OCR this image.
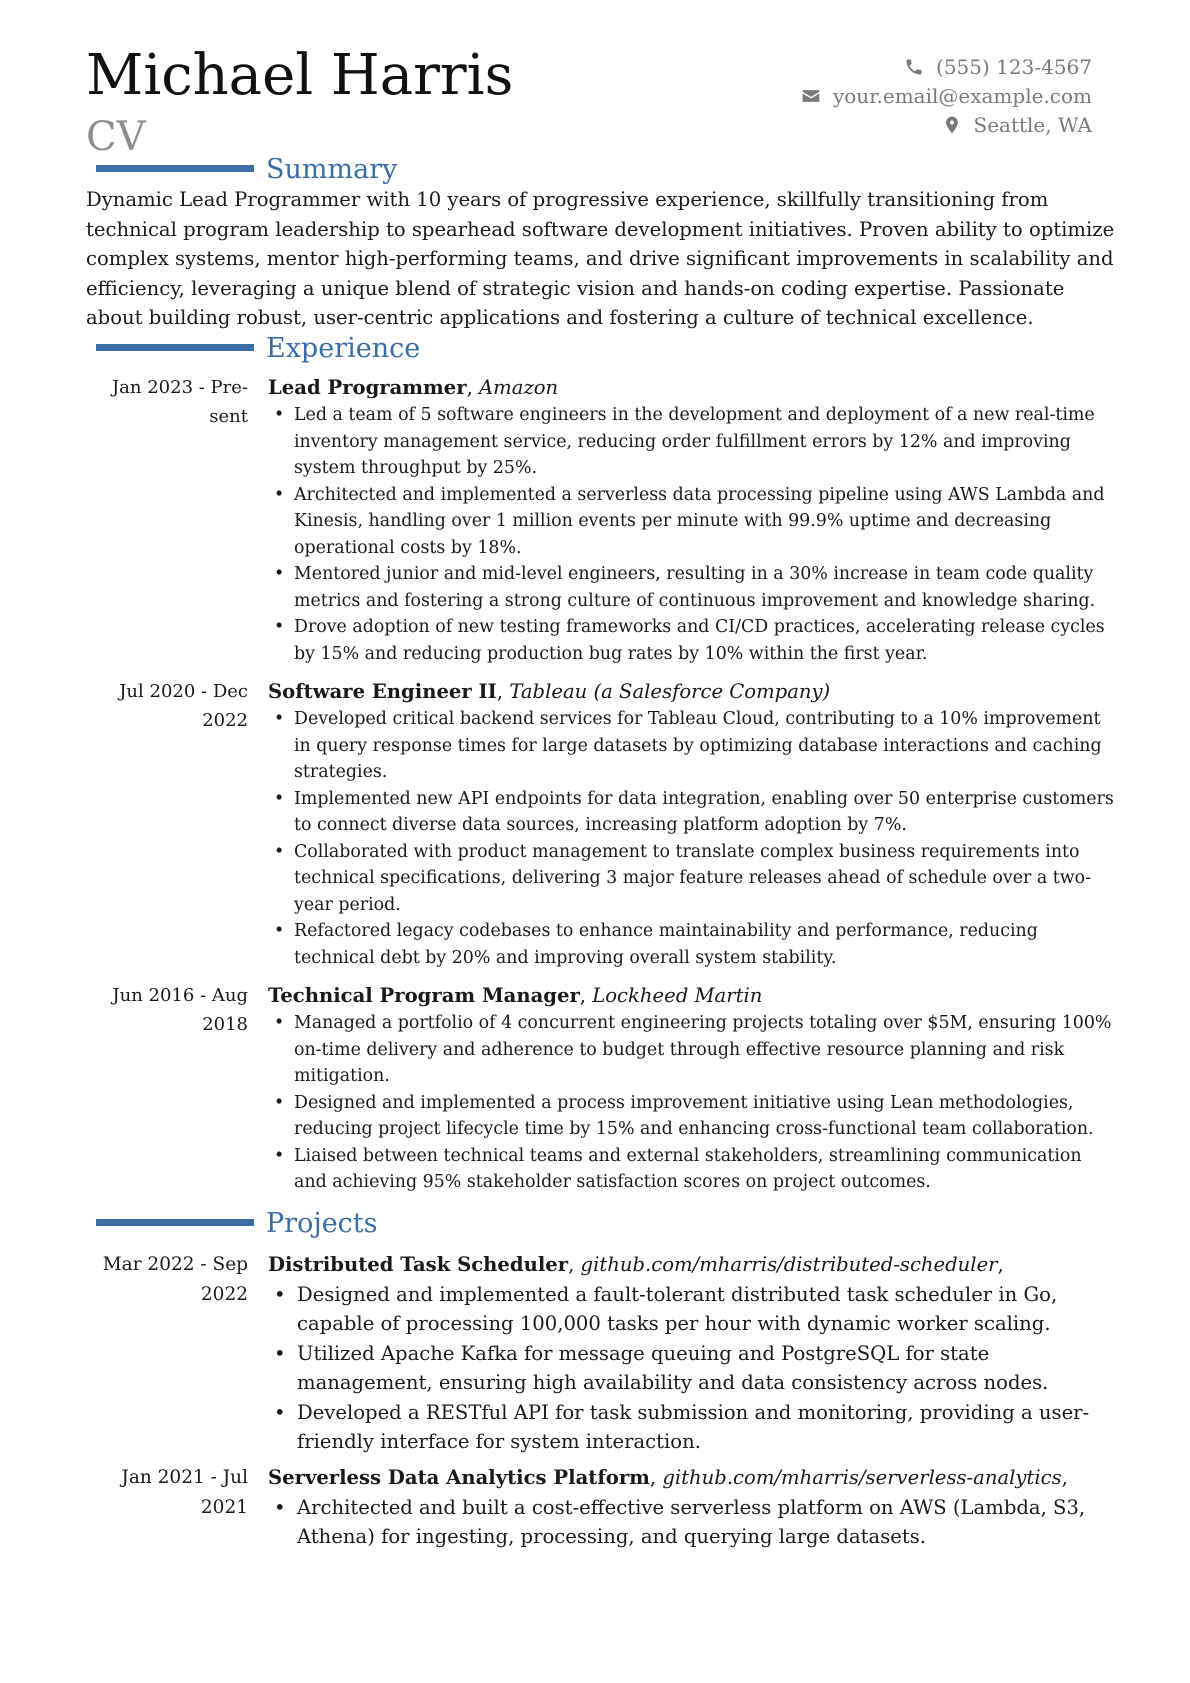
Michael Harris
CV
(555) 123-4567
your.email@example.com
Seattle, WA
Summary
Dynamic Lead Programmer with 10 years of progressive experience, skillfully transitioning from technical program leadership to spearhead software development initiatives. Proven ability to optimize complex systems, mentor high-performing teams, and drive significant improvements in scalability and efficiency, leveraging a unique blend of strategic vision and hands-on coding expertise. Passionate about building robust, user-centric applications and fostering a culture of technical excellence.
Experience
Jan 2023 - Pre-
sent
Lead Programmer, Amazon
• Led a team of 5 software engineers in the development and deployment of a new real-time inventory management service, reducing order fulfillment errors by 12% and improving system throughput by 25%.
• Architected and implemented a serverless data processing pipeline using AWS Lambda and Kinesis, handling over 1 million events per minute with 99.9% uptime and decreasing operational costs by 18%.
• Mentored junior and mid-level engineers, resulting in a 30% increase in team code quality metrics and fostering a strong culture of continuous improvement and knowledge sharing.
• Drove adoption of new testing frameworks and CI/CD practices, accelerating release cycles by 15% and reducing production bug rates by 10% within the first year.
Jul 2020 - Dec
2022
Software Engineer II, Tableau (a Salesforce Company)
• Developed critical backend services for Tableau Cloud, contributing to a 10% improvement in query response times for large datasets by optimizing database interactions and caching strategies.
• Implemented new API endpoints for data integration, enabling over 50 enterprise customers to connect diverse data sources, increasing platform adoption by 7%.
• Collaborated with product management to translate complex business requirements into technical specifications, delivering 3 major feature releases ahead of schedule over a two-year period.
• Refactored legacy codebases to enhance maintainability and performance, reducing technical debt by 20% and improving overall system stability.
Jun 2016 - Aug
2018
Technical Program Manager, Lockheed Martin
• Managed a portfolio of 4 concurrent engineering projects totaling over $5M, ensuring 100% on-time delivery and adherence to budget through effective resource planning and risk mitigation.
• Designed and implemented a process improvement initiative using Lean methodologies, reducing project lifecycle time by 15% and enhancing cross-functional team collaboration.
• Liaised between technical teams and external stakeholders, streamlining communication and achieving 95% stakeholder satisfaction scores on project outcomes.
Projects
Mar 2022 - Sep
2022
Distributed Task Scheduler, github.com/mharris/distributed-scheduler,
• Designed and implemented a fault-tolerant distributed task scheduler in Go, capable of processing 100,000 tasks per hour with dynamic worker scaling.
• Utilized Apache Kafka for message queuing and PostgreSQL for state management, ensuring high availability and data consistency across nodes.
• Developed a RESTful API for task submission and monitoring, providing a user-friendly interface for system interaction.
Jan 2021 - Jul
2021
Serverless Data Analytics Platform, github.com/mharris/serverless-analytics,
• Architected and built a cost-effective serverless platform on AWS (Lambda, S3, Athena) for ingesting, processing, and querying large datasets.
